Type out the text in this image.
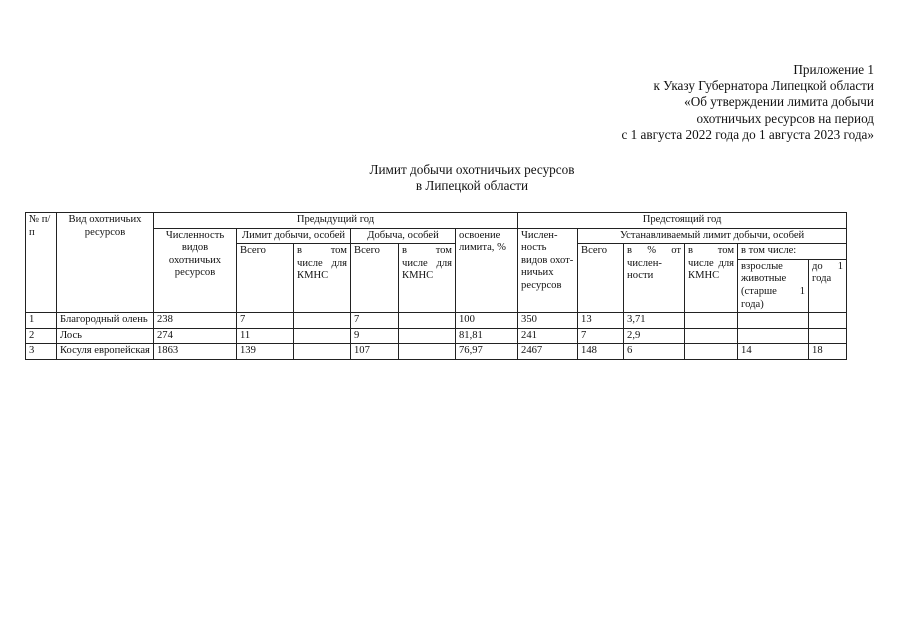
Приложение 1
к Указу Губернатора Липецкой области
«Об утверждении лимита добычи
охотничьих ресурсов на период
с 1 августа 2022 года до 1 августа 2023 года»
Лимит добычи охотничьих ресурсов
в Липецкой области
№ п/п	Вид охотничьих ресурсов	Предыдущий год						Предстоящий год					
		Численность видов охотничьих ресурсов	Лимит добычи, особей		Добыча, особей		освоение лимита, %	Числен-ность видов охот-ничьих ресурсов	Устанавливаемый лимит добычи, особей				
			Всего	в том числе для КМНС	Всего	в том числе для КМНС			Всего	в % от числен-ности	в том числе для КМНС	в том числе:	
												взрослые животные (старше 1 года)	до 1 года
1	Благородный олень	238	7		7		100	350	13	3,71			
2	Лось	274	11		9		81,81	241	7	2,9			
3	Косуля европейская	1863	139		107		76,97	2467	148	6		14	18
